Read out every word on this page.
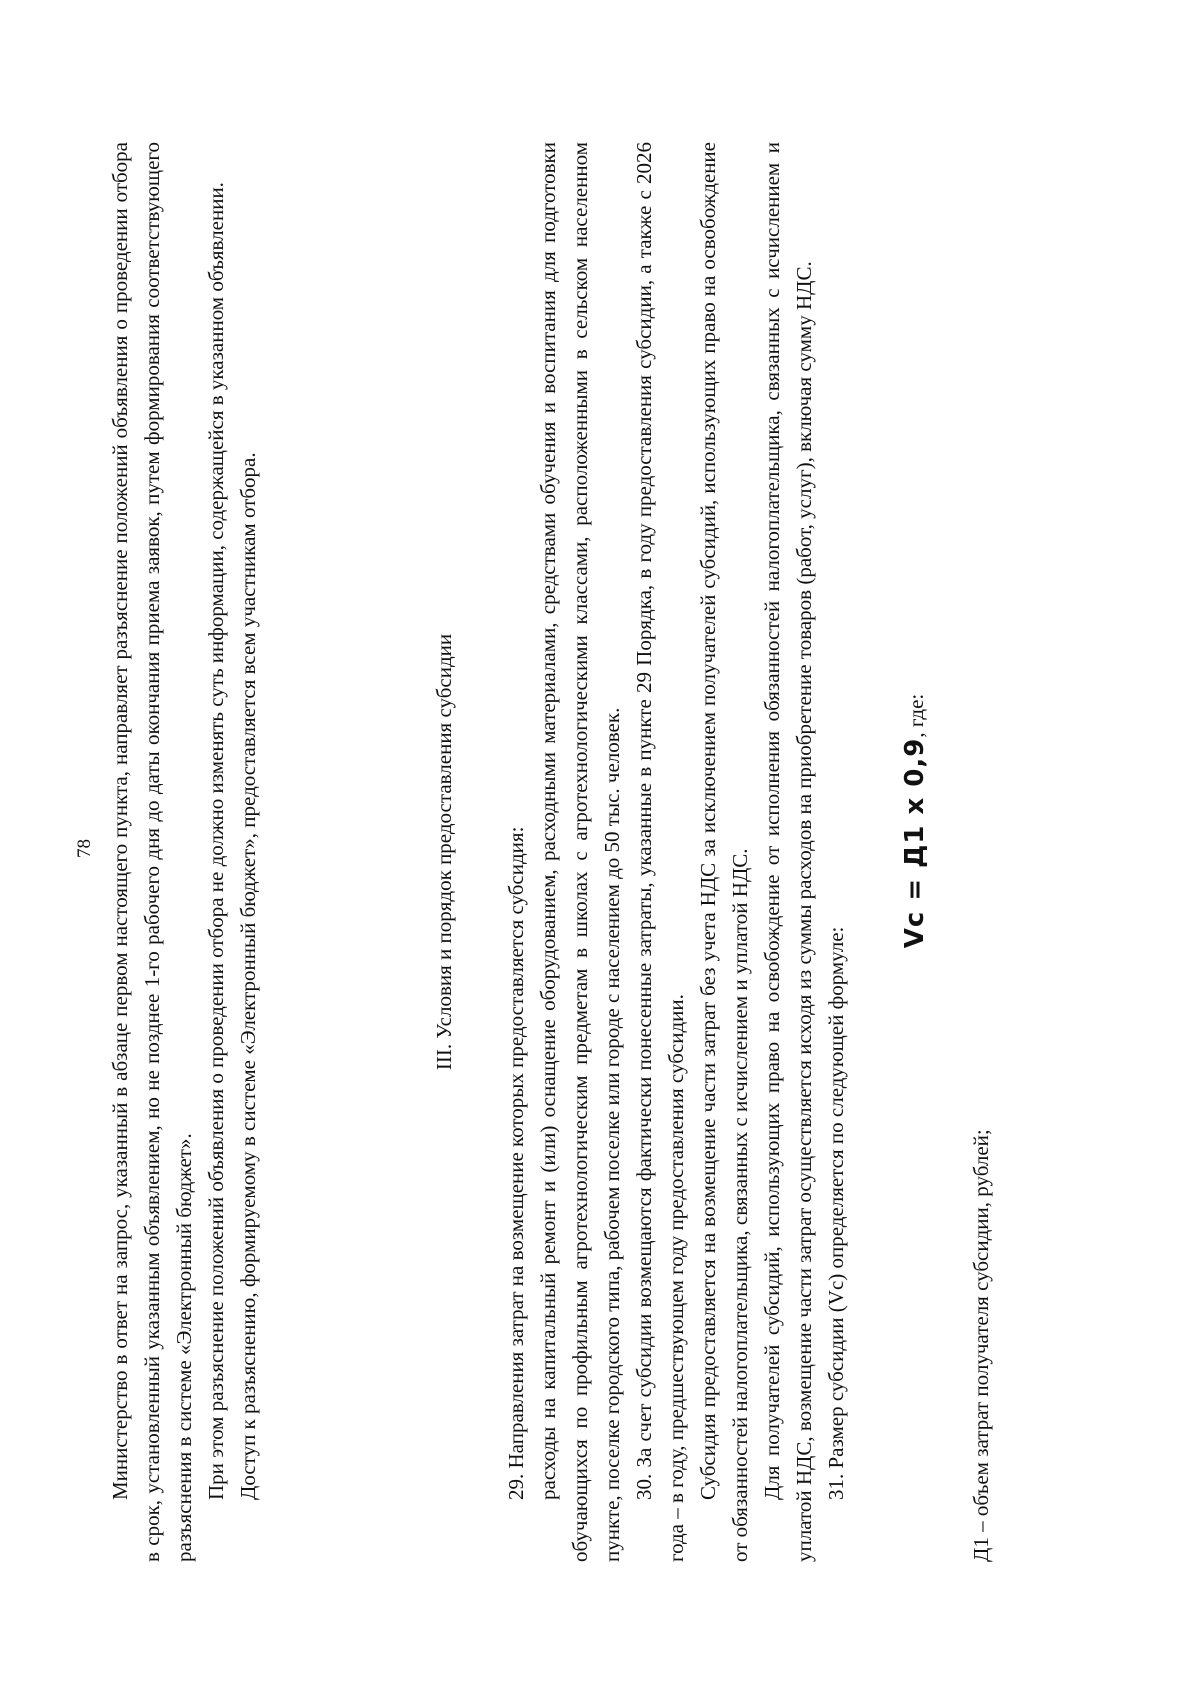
78 Министерство в ответ на запрос, указанный в абзаце первом настоящего пункта, направляет разъяснение положений объявления о проведении отбора в срок, установленный указанным объявлением, но не позднее 1-го рабочего дня до даты окончания приема заявок, путем формирования соответствующего разъяснения в системе «Электронный бюджет». При этом разъяснение положений объявления о проведении отбора не должно изменять суть информации, содержащейся в указанном объявлении. Доступ к разъяснению, формируемому в системе «Электронный бюджет», предоставляется всем участникам отбора.	III. Условия и порядок предоставления субсидии 29. Направления затрат на возмещение которых предоставляется субсидия: расходы на капитальный ремонт и (или) оснащение оборудованием, расходными материалами, средствами обучения и воспитания для подготовки обучающихся по профильным агротехнологическим предметам в школах с агротехнологическими классами, расположенными в сельском населенном пункте, поселке городского типа, рабочем поселке или городе с населением до 50 тыс. человек. 30. За счет субсидии возмещаются фактически понесенные затраты, указанные в пункте 29 Порядка, в году предоставления субсидии, а также с 2026 года – в году, предшествующем году предоставления субсидии. Субсидия предоставляется на возмещение части затрат без учета НДС за исключением получателей субсидий, использующих право на освобождение от обязанностей налогоплательщика, связанных с исчислением и уплатой НДС. Для получателей субсидий, использующих право на освобождение от исполнения обязанностей налогоплательщика, связанных с исчислением и уплатой НДС, возмещение части затрат осуществляется исходя из суммы расходов на приобретение товаров (работ, услуг), включая сумму НДС. 31. Размер субсидии (Vс) определяется по следующей формуле:

Vс = Д1 x 0,9, где:

Д1 – объем затрат получателя субсидии, рублей;
